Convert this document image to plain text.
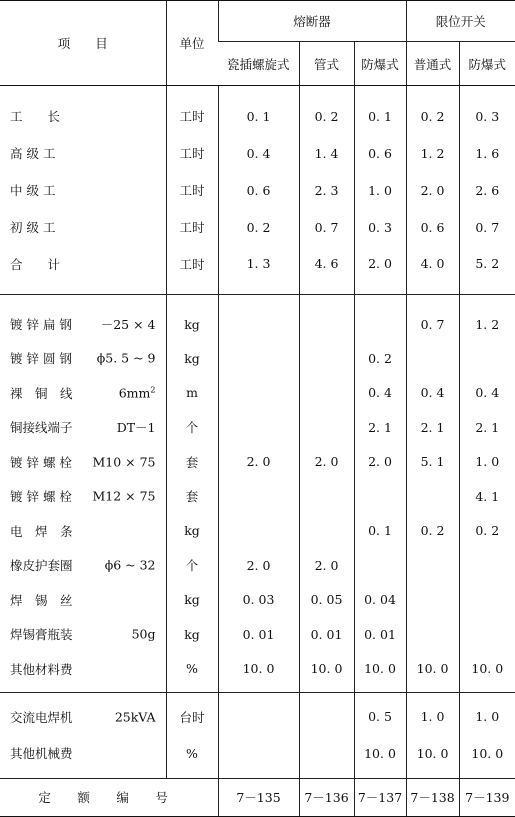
项　　目	单位	熔断器			限位开关	
		瓷插螺旋式	管式	防爆式	普通式	防爆式
工　　长	工时	0. 1	0. 2	0. 1	0. 2	0. 3
高 级 工	工时	0. 4	1. 4	0. 6	1. 2	1. 6
中 级 工	工时	0. 6	2. 3	1. 0	2. 0	2. 6
初 级 工	工时	0. 2	0. 7	0. 3	0. 6	0. 7
合　　计	工时	1. 3	4. 6	2. 0	4. 0	5. 2
镀 锌 扁 钢 －25 × 4	kg				0. 7	1. 2
镀 锌 圆 钢 ϕ5. 5 ~ 9	kg			0. 2		
裸　铜　线 $6mm^2$	m			0. 4	0. 4	0. 4
铜接线端子 DT－1	个			2. 1	2. 1	2. 1
镀 锌 螺 栓 M10 × 75	套	2. 0	2. 0	2. 0	5. 1	1. 0
镀 锌 螺 栓 M12 × 75	套					4. 1
电　焊　条	kg			0. 1	0. 2	0. 2
橡皮护套圈 ϕ6 ~ 32	个	2. 0	2. 0			
焊　锡　丝	kg	0. 03	0. 05	0. 04		
焊锡膏瓶装 50g	kg	0. 01	0. 01	0. 01		
其他材料费	%	10. 0	10. 0	10. 0	10. 0	10. 0
交流电焊机 25kVA	台时			0. 5	1. 0	1. 0
其他机械费	%			10. 0	10. 0	10. 0
定 额 编 号		7－135	7－136	7－137	7－138	7－139
